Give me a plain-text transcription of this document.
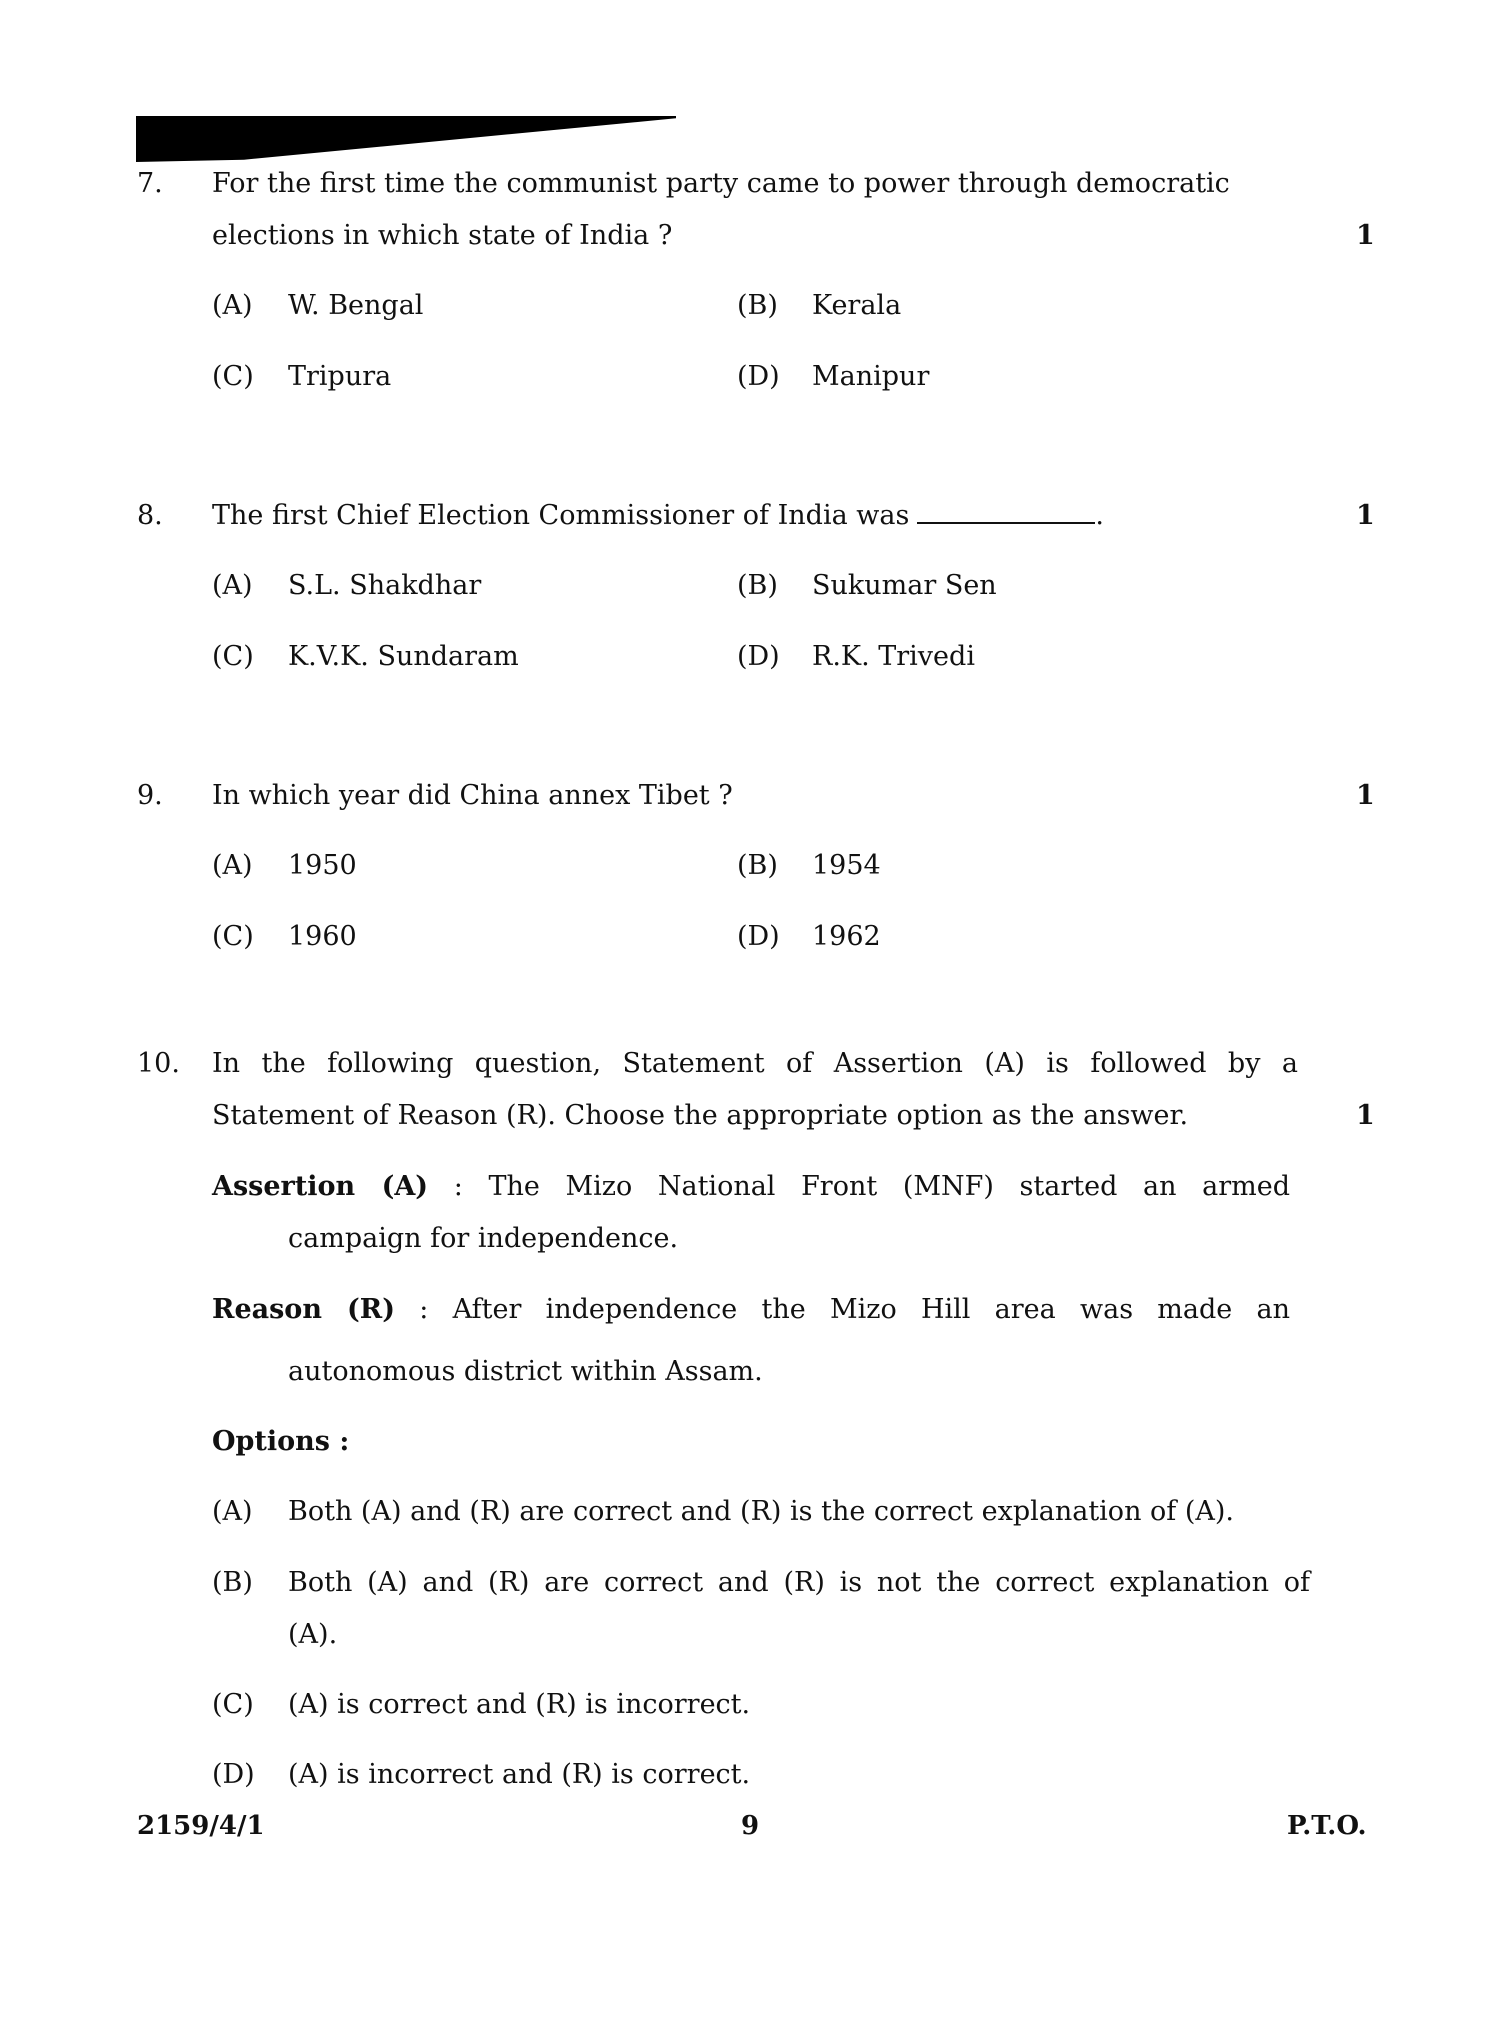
7. For the first time the communist party came to power through democratic
elections in which state of India ?	1
(A) W. Bengal	(B) Kerala
(C) Tripura	(D) Manipur
8. The first Chief Election Commissioner of India was	.	1
(A) S.L. Shakdhar	(B) Sukumar Sen
(C) K.V.K. Sundaram	(D) R.K. Trivedi
9. In which year did China annex Tibet ?	1
(A) 1950	(B) 1954
(C) 1960	(D) 1962
10. In the following question, Statement of Assertion (A) is followed by a
Statement of Reason (R). Choose the appropriate option as the answer.	1
Assertion (A) : The Mizo National Front (MNF) started an armed
campaign for independence.
Reason (R) : After independence the Mizo Hill area was made an
autonomous district within Assam.
Options :
(A) Both (A) and (R) are correct and (R) is the correct explanation of (A).
(B) Both (A) and (R) are correct and (R) is not the correct explanation of
(A).
(C) (A) is correct and (R) is incorrect.
(D) (A) is incorrect and (R) is correct.
2159/4/1	9	P.T.O.
